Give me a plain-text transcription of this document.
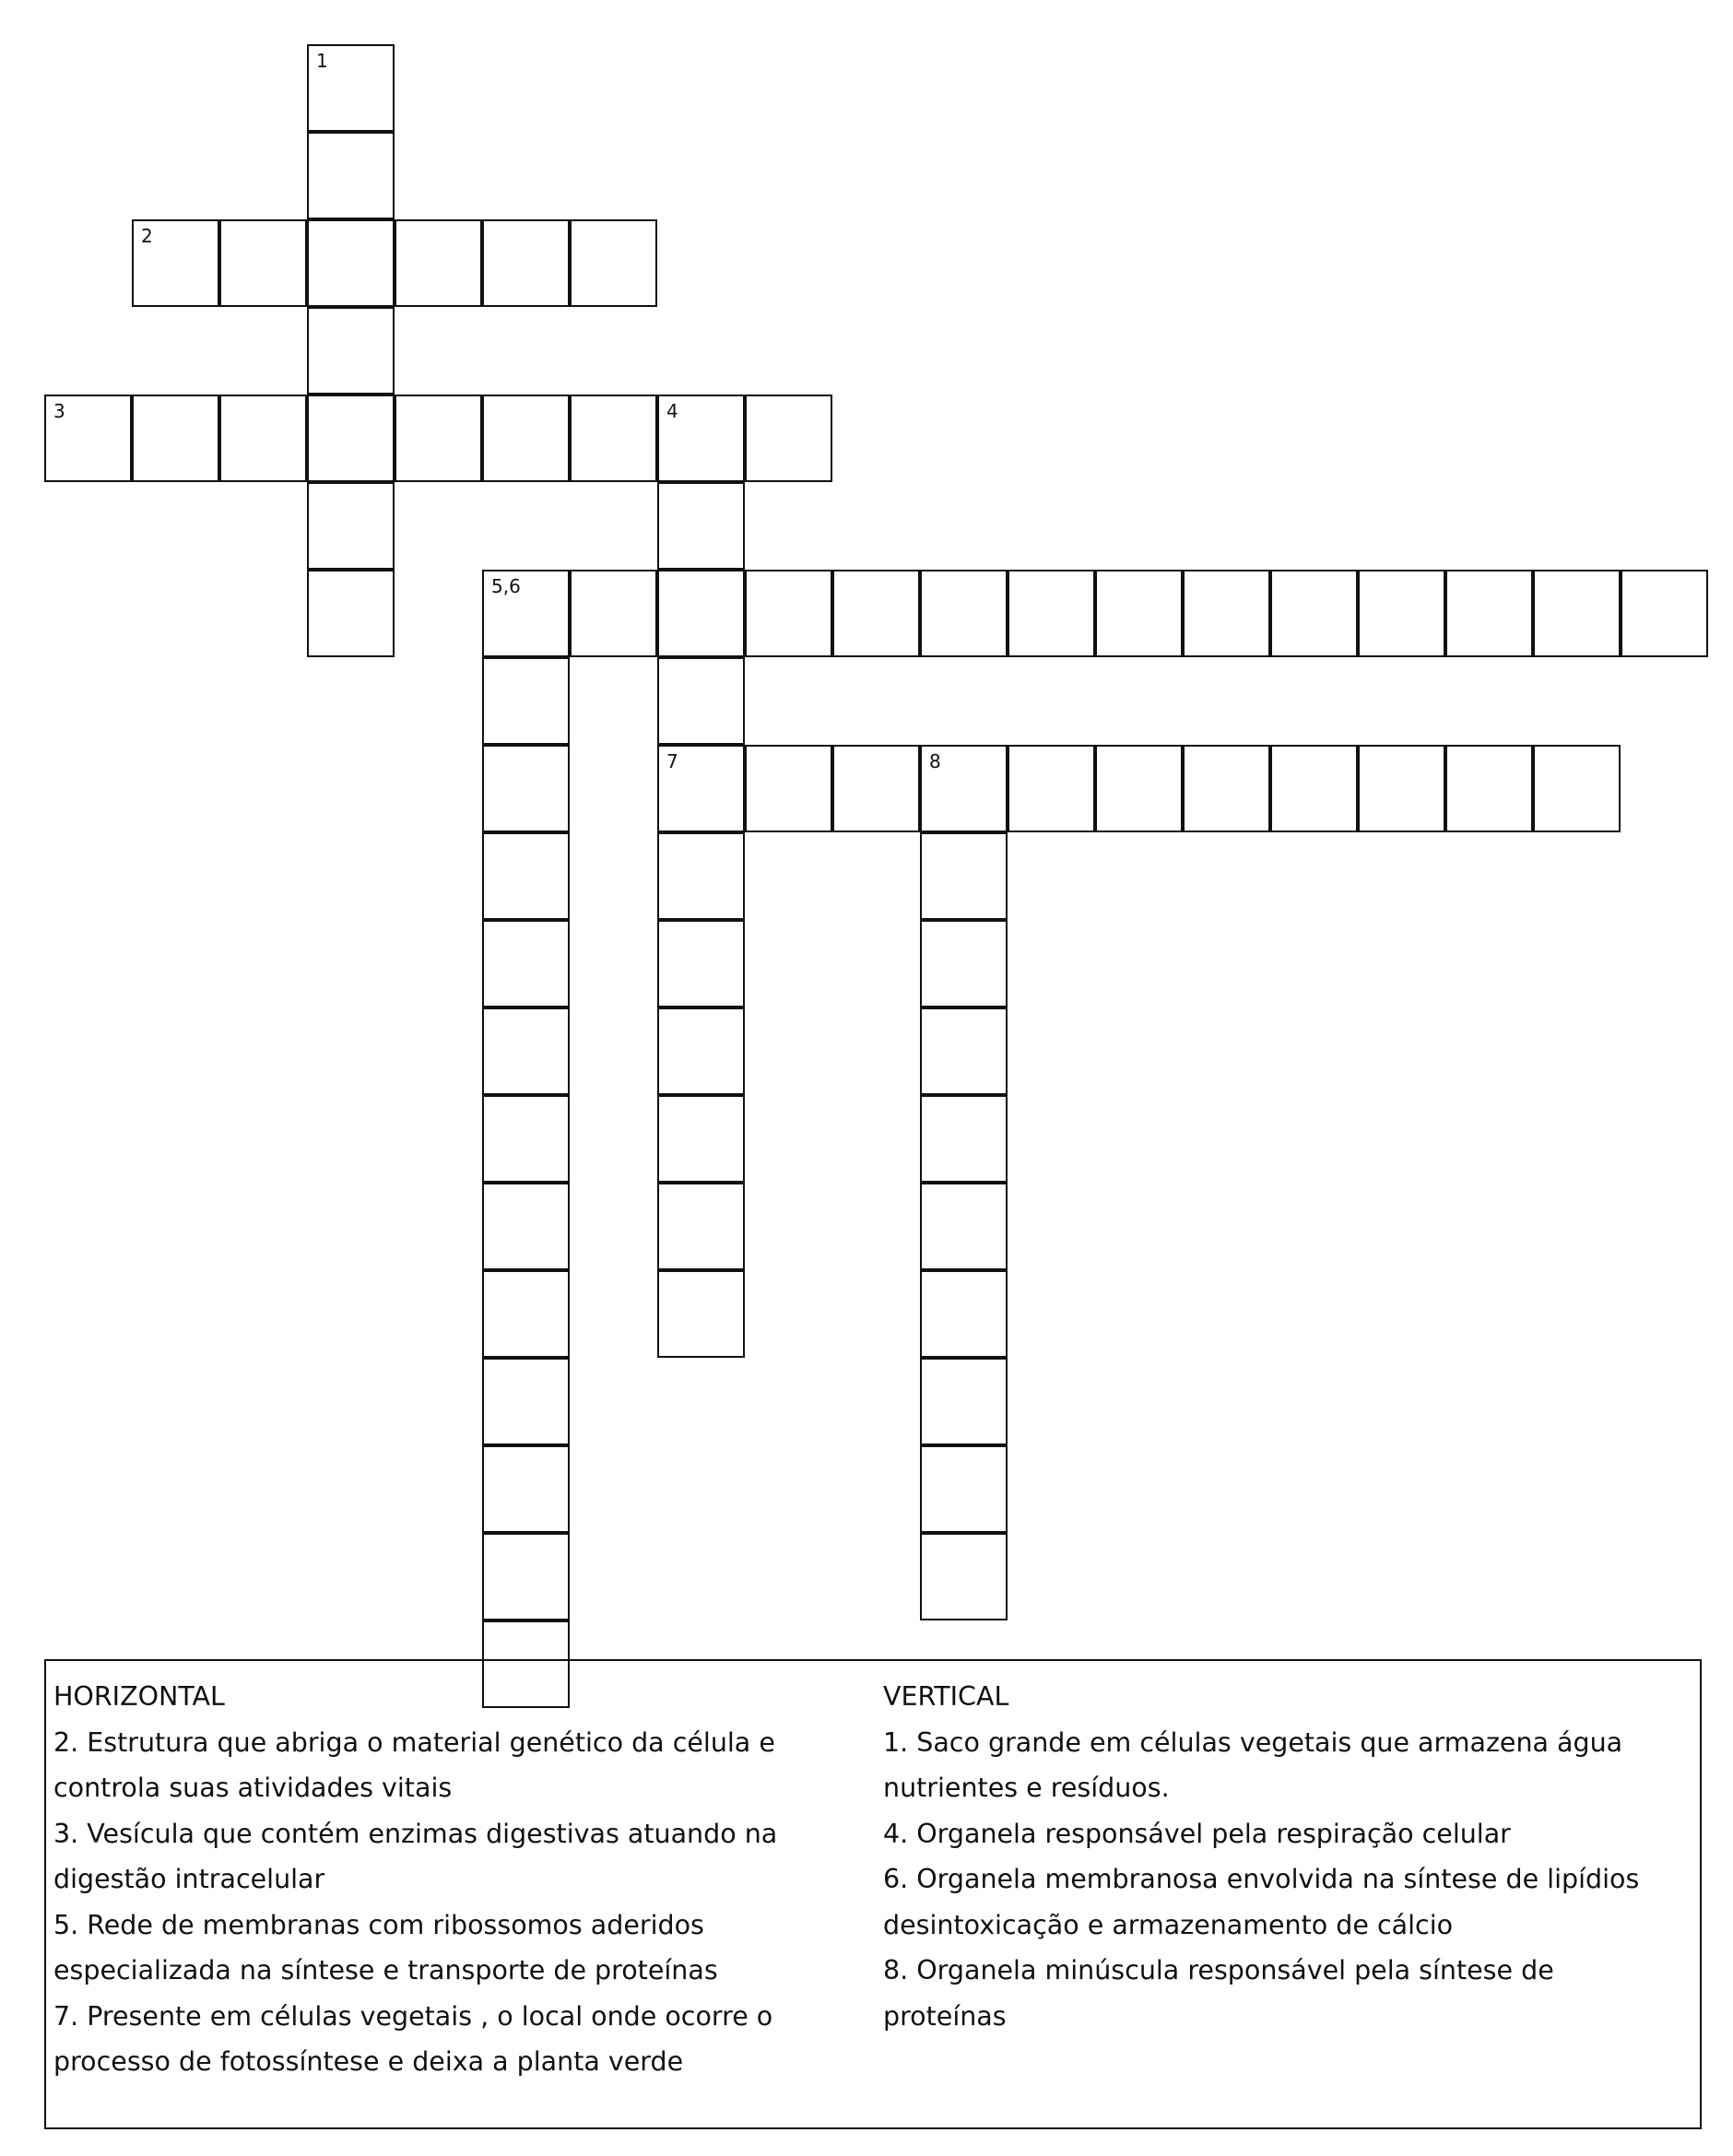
1
2
3	4
7
5,6
8

HORIZONTAL

2. Estrutura que abriga o material genético da célula e controla suas atividades vitais

3. Vesícula que contém enzimas digestivas atuando na digestão intracelular

5. Rede de membranas com ribossomos aderidos especializada na síntese e transporte de proteínas

7. Presente em células vegetais , o local onde ocorre o processo de fotossíntese e deixa a planta verde

VERTICAL

1. Saco grande em células vegetais que armazena água nutrientes e resíduos.

4. Organela responsável pela respiração celular

6. Organela membranosa envolvida na síntese de lipídios desintoxicação e armazenamento de cálcio

8. Organela minúscula responsável pela síntese de proteínas
